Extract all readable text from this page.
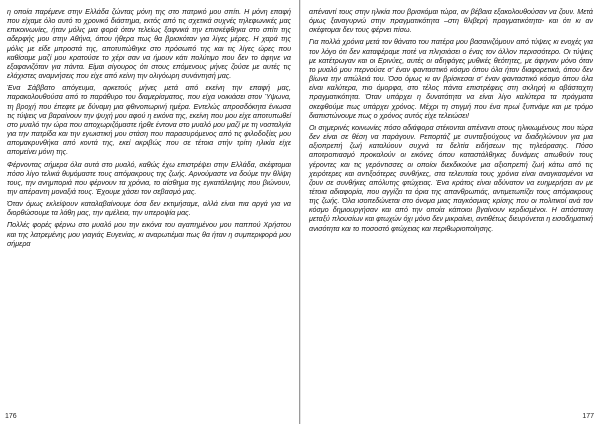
η οποία παρέμενε στην Ελλάδα ζώντας μόνη της στο πατρικό μου σπίτι. Η μόνη επαφή που είχαμε όλο αυτό το χρονικό διάστημα, εκτός από τις σχετικά συχνές τηλεφωνικές μας επικοινωνίες, ήταν μόλις μια φορά όταν τελείως ξαφνικά την επισκέφθηκα στο σπίτι της αδερφής μου στην Αθήνα, όπου ήθερα πως θα βρισκόταν για λίγες μέρες. Η χαρά της μόλις με είδε μπροστά της, αποτυπώθηκε στο πρόσωπό της και τις λίγες ώρες που καθίσαμε μαζί μου κρατούσε το χέρι σαν να ήμουν κάτι πολύτιμο που δεν το άφηνε να εξαφανιζόταν για πάντα. Είμαι σίγουρος ότι στους επόμενους μήνες ζούσε με αυτές τις ελάχιστες αναμνήσεις που είχε από κείνη την ολιγόωρη συνάντησή μας.

Ένα Σάββατο απόγευμα, αρκετούς μήνες μετά από εκείνη την επαφή μας, παρακολουθούσα από το παράθυρο του διαμερίσματος, που είχα νοικιάσει στον Ύψωνα, τη βροχή που έπεφτε με δύναμη μια φθινοπωρινή ημέρα. Εντελώς απροσδόκητα ένιωσα τις τύψεις να βαραίνουν την ψυχή μου αφού η εικόνα της, εκείνη που μου είχε αποτυπωθεί στο μυαλό την ώρα που αποχωριζόμαστε ήρθε έντονα στο μυαλό μου μαζί με τη νοσταλγία για την πατρίδα και την εγωιστική μου στάση που παρασυρόμενος από τις φιλοδοξίες μου απομακρυνθήκα από κοντά της, εκεί ακριβώς που σε τέτοια στήν τρίτη ηλικία είχε απομείνει μόνη της.

Φέρνοντας σήμερα όλα αυτά στο μυαλό, καθώς έχω επιστρέψει στην Ελλάδα, σκέφτομαι πόσο λίγο τελικά θυμόμαστε τους απόμακρους της ζωής. Αρνούμαστε να δούμε την θλίψη τους, την ανημποριά που φέρνουν τα χρόνια, το αίσθημα της εγκατάλειψης που βιώνουν, την απέραντη μοναξιά τους. Έχουμε χάσει τον σεβασμό μας.

Όταν όμως εκλείψουν καταλαβαίνουμε όσα δεν εκτιμήσαμε, αλλά είναι πια αργά για να διορθώσουμε τα λάθη μας, την αμέλεια, την υπεροψία μας.

Πολλές φορές φέρνω στο μυαλό μου την εικόνα του αγαπημένου μου παππού Χρήστου και της λατρεμένης μου γιαγιάς Ευγενίας, κι αναρωτιέμαι πως θα ήταν η συμπεριφορά μου σήμερα

176

απέναντί τους στην ηλικία που βρισκόμαι τώρα, αν βέβαια εξακολουθούσαν να ζουν. Μετά όμως ξαναγυρνώ στην πραγματικότητα –στη θλιβερή πραγματικότητα- και ότι κι αν σκέφτομαι δεν τους φέρνει πίσω.

Για πολλά χρόνια μετά τον θάνατο του πατέρα μου βασανιζόμουν από τύψεις κι ενοχές για τον λόγο ότι δεν καταφέραμε ποτέ να πλησιάσει ο ένας τον άλλον περισσότερο. Οι τύψεις με κατέτρωγαν και οι Ερινύες, αυτές οι αδηφάγες μυθικές θεότητες, με άφηναν μόνο όταν το μυαλό μου περνούσε σ' έναν φανταστικό κόσμο όπου όλα ήταν διαφορετικά, όπου δεν βίωνα την απώλειά του. Όσο όμως κι αν βρίσκεσαι σ' έναν φανταστικό κόσμο όπου όλα είναι καλύτερα, πιο όμορφα, στο τέλος πάντα επιστρέφεις στη σκληρή κι αβάσταχτη πραγματικότητα. Όταν υπάρχει η δυνατότητα να είναι λίγο καλύτερα τα πράγματα σκεφθούμε πως υπάρχει χρόνος. Μέχρι τη στιγμή που ένα πρωί ξυπνάμε και με τρόμο διαπιστώνουμε πως ο χρόνος αυτός είχε τελειώσει!

Οι σημερινές κοινωνίες πόσο αδιάφορα στέκονται απέναντι στους ηλικιωμένους που τώρα δεν είναι σε θέση να παράγουν. Ρεπορτάζ με συνταξιούχους να διαδηλώνουν για μια αξιοπρεπή ζωή καταλύουν συχνά τα δελτία ειδήσεων της τηλεόρασης. Πόσο αποτροπιασμό προκαλούν οι εικόνες όπου καταστάλθηκες δυνάμεις απωθούν τους γέροντες και τις γερόντισσες οι οποίοι διεκδικούνε μια αξιοπρεπή ζωή κάτω από τις χειρότερες και αντιξοότερες συνθήκες, στα τελευταία τους χρόνια είναι αναγκασμένοι να ζουν σε συνθήκες απόλυτης φτώχειας. Ένα κράτος είναι αδύνατον να ευημερήσει αν με τέτοια αδιαφορία, που αγγίζει τα όρια της απανθρωπιάς, αντιμετωπίζει τους απόμακρους της ζωής. Όλα ισοπεδώνεται στο όνομα μιας παγκόσμιας κρίσης που οι πολιτικοί ανά τον κόσμο δημιουργήσαν και από την οποία κάποιοι βγαίνουν κερδισμένοι. Η απόσταση μεταξύ πλουσίων και φτωχών όχι μόνο δεν μικραίνει, αντιθέτως διευρύνεται η εισοδηματική ανισότητα και το ποσοστό φτώχειας και περιθωριοποίησης.

177
